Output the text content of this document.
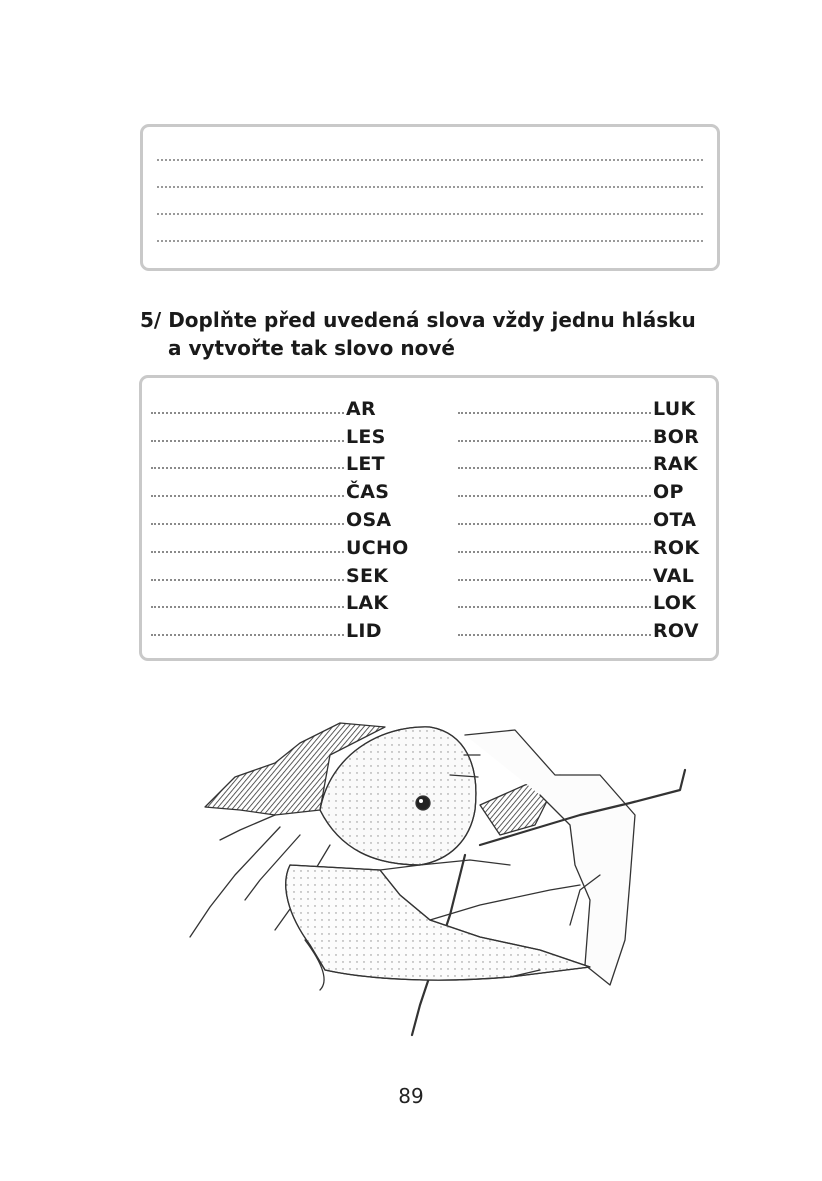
5/ Doplňte před uvedená slova vždy jednu hlásku
a vytvořte tak slovo nové
AR
LES
LET
ČAS
OSA
UCHO
SEK
LAK
LID
LUK
BOR
RAK
OP
OTA
ROK
VAL
LOK
ROV
89
